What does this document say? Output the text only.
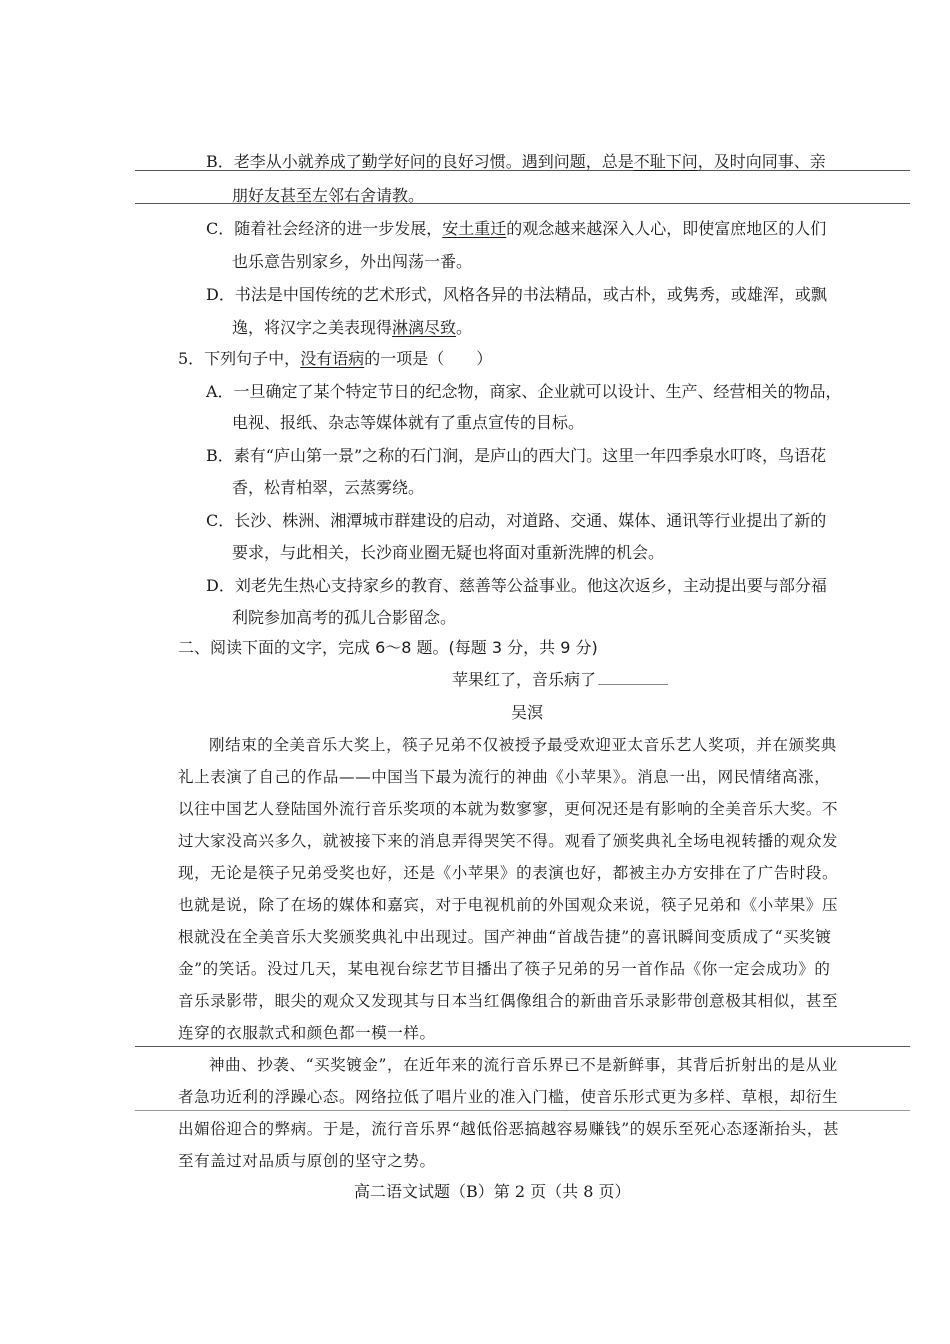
B．老李从小就养成了勤学好问的良好习惯。遇到问题，总是不耻下问，及时向同事、亲
朋好友甚至左邻右舍请教。
C．随着社会经济的进一步发展，安土重迁的观念越来越深入人心，即使富庶地区的人们
也乐意告别家乡，外出闯荡一番。
D．书法是中国传统的艺术形式，风格各异的书法精品，或古朴，或隽秀，或雄浑，或飘
逸，将汉字之美表现得淋漓尽致。
5．下列句子中，没有语病的一项是（　　）
A．一旦确定了某个特定节日的纪念物，商家、企业就可以设计、生产、经营相关的物品，
电视、报纸、杂志等媒体就有了重点宣传的目标。
B．素有“庐山第一景”之称的石门涧，是庐山的西大门。这里一年四季泉水叮咚，鸟语花
香，松青柏翠，云蒸雾绕。
C．长沙、株洲、湘潭城市群建设的启动，对道路、交通、媒体、通讯等行业提出了新的
要求，与此相关，长沙商业圈无疑也将面对重新洗牌的机会。
D．刘老先生热心支持家乡的教育、慈善等公益事业。他这次返乡，主动提出要与部分福
利院参加高考的孤儿合影留念。
二、阅读下面的文字，完成 6～8 题。(每题 3 分，共 9 分)
苹果红了，音乐病了
吴溟
刚结束的全美音乐大奖上，筷子兄弟不仅被授予最受欢迎亚太音乐艺人奖项，并在颁奖典
礼上表演了自己的作品——中国当下最为流行的神曲《小苹果》。消息一出，网民情绪高涨，
以往中国艺人登陆国外流行音乐奖项的本就为数寥寥，更何况还是有影响的全美音乐大奖。不
过大家没高兴多久，就被接下来的消息弄得哭笑不得。观看了颁奖典礼全场电视转播的观众发
现，无论是筷子兄弟受奖也好，还是《小苹果》的表演也好，都被主办方安排在了广告时段。
也就是说，除了在场的媒体和嘉宾，对于电视机前的外国观众来说，筷子兄弟和《小苹果》压
根就没在全美音乐大奖颁奖典礼中出现过。国产神曲“首战告捷”的喜讯瞬间变质成了“买奖镀
金”的笑话。没过几天，某电视台综艺节目播出了筷子兄弟的另一首作品《你一定会成功》的
音乐录影带，眼尖的观众又发现其与日本当红偶像组合的新曲音乐录影带创意极其相似，甚至
连穿的衣服款式和颜色都一模一样。
神曲、抄袭、“买奖镀金”，在近年来的流行音乐界已不是新鲜事，其背后折射出的是从业
者急功近利的浮躁心态。网络拉低了唱片业的准入门槛，使音乐形式更为多样、草根，却衍生
出媚俗迎合的弊病。于是，流行音乐界“越低俗恶搞越容易赚钱”的娱乐至死心态逐渐抬头，甚
至有盖过对品质与原创的坚守之势。
高二语文试题（B）第 2 页（共 8 页）
